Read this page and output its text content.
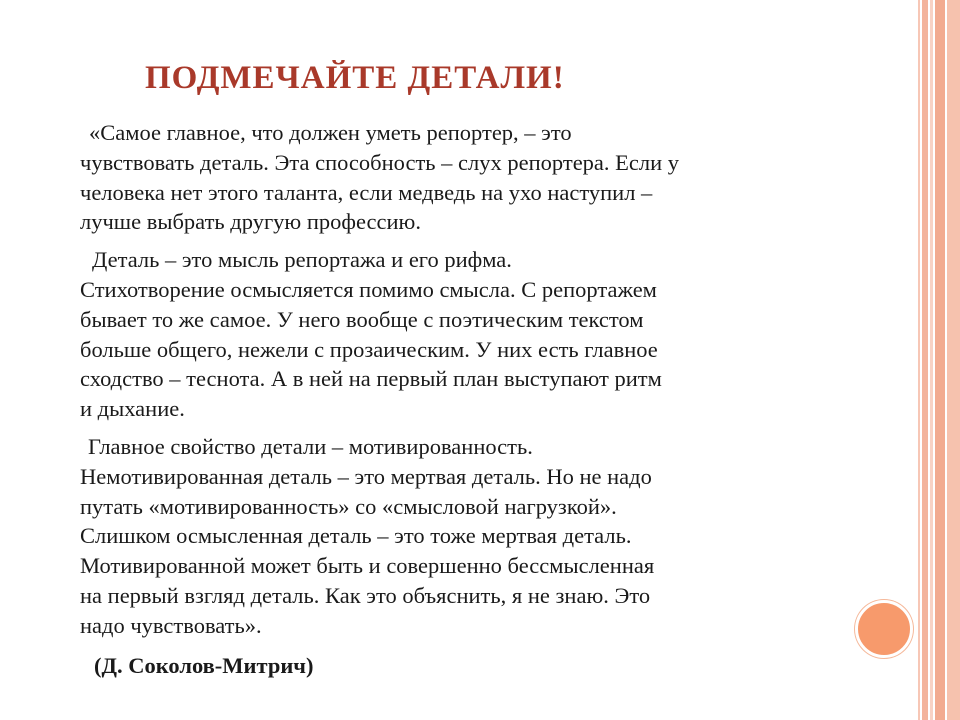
ПОДМЕЧАЙТЕ ДЕТАЛИ!

«Самое главное, что должен уметь репортер, – это
чувствовать деталь. Эта способность – слух репортера. Если у
человека нет этого таланта, если медведь на ухо наступил –
лучше выбрать другую профессию.

Деталь – это мысль репортажа и его рифма.
Стихотворение осмысляется помимо смысла. С репортажем
бывает то же самое. У него вообще с поэтическим текстом
больше общего, нежели с прозаическим. У них есть главное
сходство – теснота. А в ней на первый план выступают ритм
и дыхание.

Главное свойство детали – мотивированность.
Немотивированная деталь – это мертвая деталь. Но не надо
путать «мотивированность» со «смысловой нагрузкой».
Слишком осмысленная деталь – это тоже мертвая деталь.
Мотивированной может быть и совершенно бессмысленная
на первый взгляд деталь. Как это объяснить, я не знаю. Это
надо чувствовать».

(Д. Соколов-Митрич)
